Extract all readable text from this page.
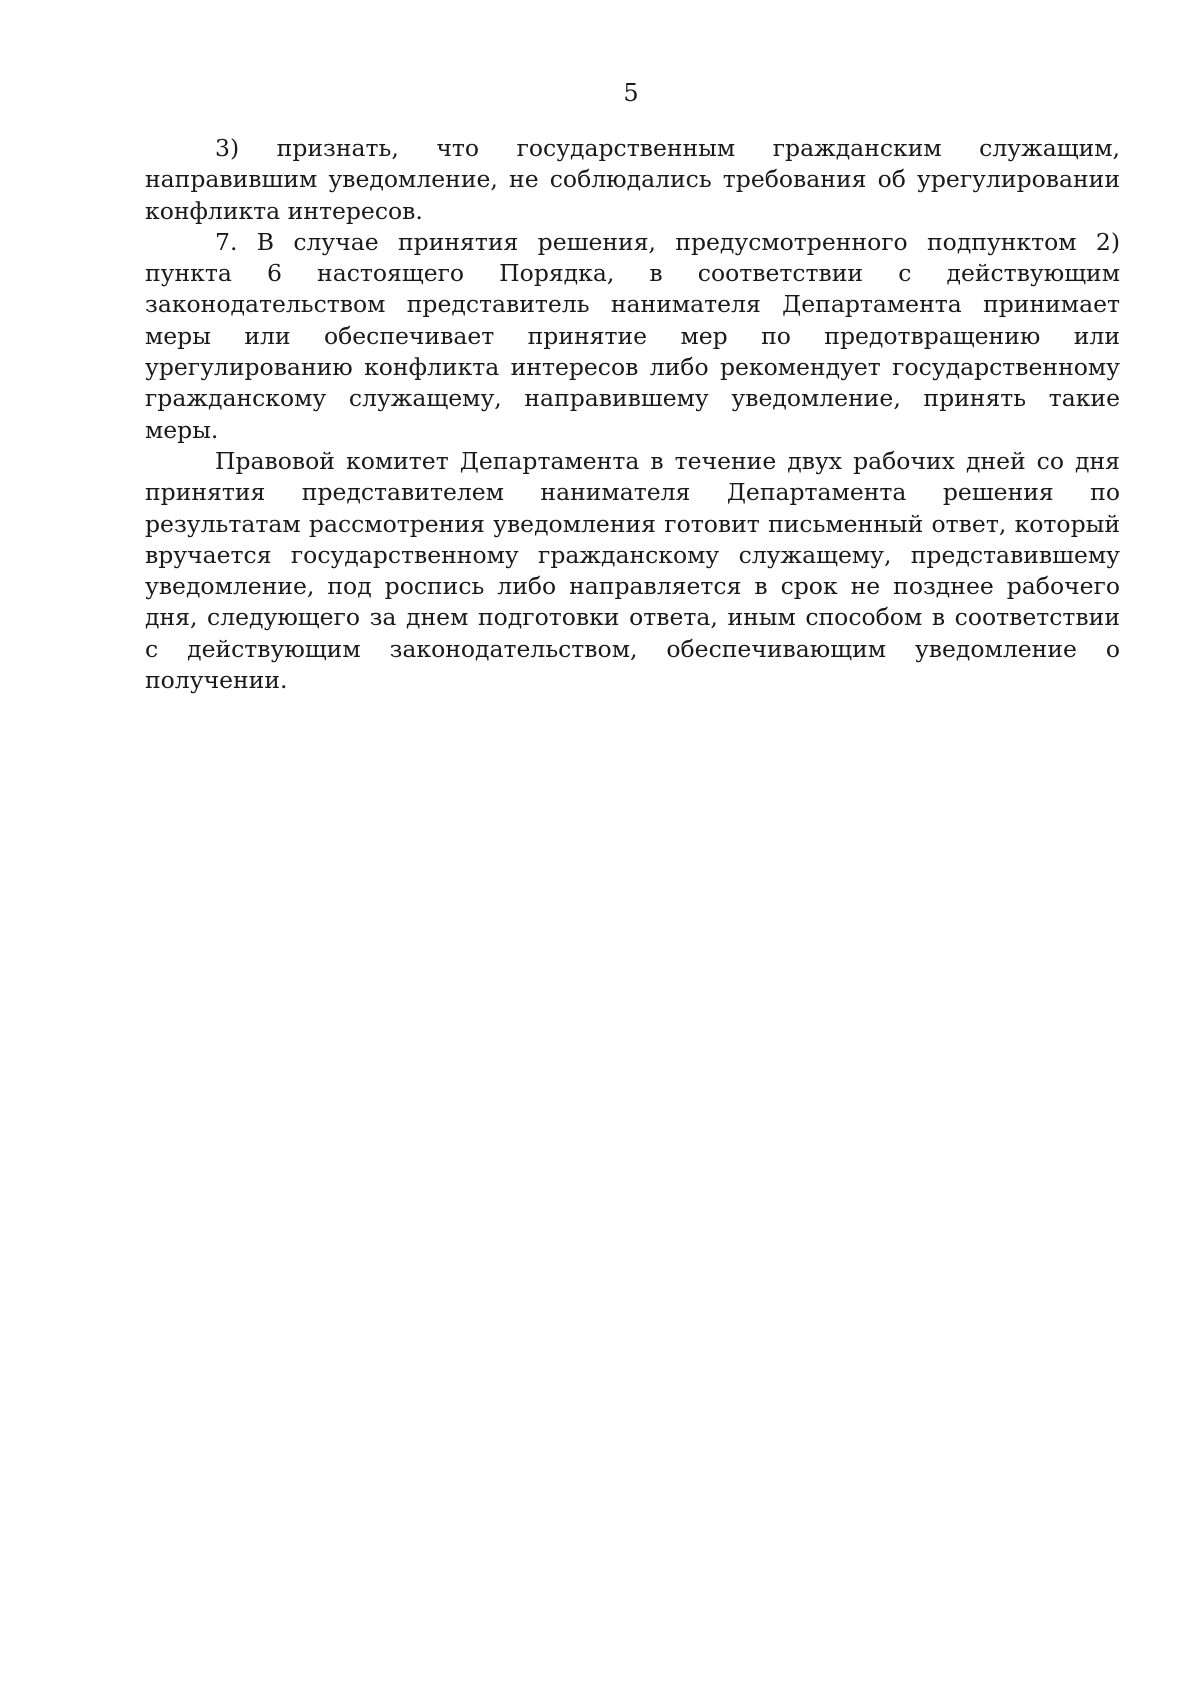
5

3) признать, что государственным гражданским служащим, направившим уведомление, не соблюдались требования об урегулировании конфликта интересов.

7. В случае принятия решения, предусмотренного подпунктом 2) пункта 6 настоящего Порядка, в соответствии с действующим законодательством представитель нанимателя Департамента принимает меры или обеспечивает принятие мер по предотвращению или урегулированию конфликта интересов либо рекомендует государственному гражданскому служащему, направившему уведомление, принять такие меры.

Правовой комитет Департамента в течение двух рабочих дней со дня принятия представителем нанимателя Департамента решения по результатам рассмотрения уведомления готовит письменный ответ, который вручается государственному гражданскому служащему, представившему уведомление, под роспись либо направляется в срок не позднее рабочего дня, следующего за днем подготовки ответа, иным способом в соответствии с действующим законодательством, обеспечивающим уведомление о получении.
